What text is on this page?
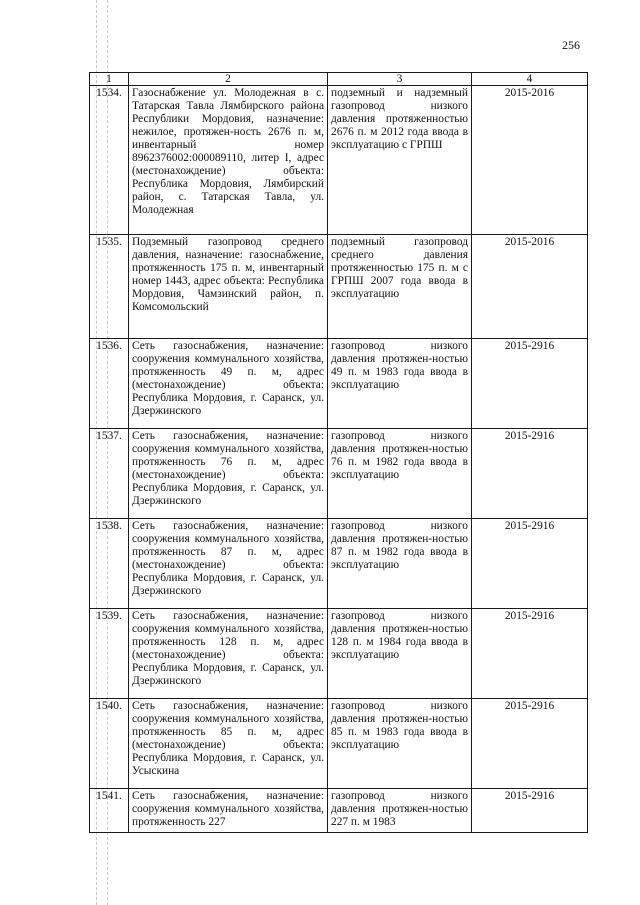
256
1	2	3	4
1534.	Газоснабжение ул. Молодежная в с. Татарская Тавла Лямбирского района Республики Мордовия, назначение: нежилое, протяжен-ность 2676 п. м, инвентарный номер 8962376002:000089110, литер I, адрес (местонахождение) объекта: Республика Мордовия, Лямбирский район, с. Татарская Тавла, ул. Молодежная	подземный и надземный газопровод низкого давления протяженностью 2676 п. м 2012 года ввода в эксплуатацию с ГРПШ	2015-2016
1535.	Подземный газопровод среднего давления, назначение: газоснабжение, протяженность 175 п. м, инвентарный номер 1443, адрес объекта: Республика Мордовия, Чамзинский район, п. Комсомольский	подземный газопровод среднего давления протяженностью 175 п. м с ГРПШ 2007 года ввода в эксплуатацию	2015-2016
1536.	Сеть газоснабжения, назначение: сооружения коммунального хозяйства, протяженность 49 п. м, адрес (местонахождение) объекта: Республика Мордовия, г. Саранск, ул. Дзержинского	газопровод низкого давления протяжен-ностью 49 п. м 1983 года ввода в эксплуатацию	2015-2916
1537.	Сеть газоснабжения, назначение: сооружения коммунального хозяйства, протяженность 76 п. м, адрес (местонахождение) объекта: Республика Мордовия, г. Саранск, ул. Дзержинского	газопровод низкого давления протяжен-ностью 76 п. м 1982 года ввода в эксплуатацию	2015-2916
1538.	Сеть газоснабжения, назначение: сооружения коммунального хозяйства, протяженность 87 п. м, адрес (местонахождение) объекта: Республика Мордовия, г. Саранск, ул. Дзержинского	газопровод низкого давления протяжен-ностью 87 п. м 1982 года ввода в эксплуатацию	2015-2916
1539.	Сеть газоснабжения, назначение: сооружения коммунального хозяйства, протяженность 128 п. м, адрес (местонахождение) объекта: Республика Мордовия, г. Саранск, ул. Дзержинского	газопровод низкого давления протяжен-ностью 128 п. м 1984 года ввода в эксплуатацию	2015-2916
1540.	Сеть газоснабжения, назначение: сооружения коммунального хозяйства, протяженность 85 п. м, адрес (местонахождение) объекта: Республика Мордовия, г. Саранск, ул. Усыскина	газопровод низкого давления протяжен-ностью 85 п. м 1983 года ввода в эксплуатацию	2015-2916
1541.	Сеть газоснабжения, назначение: сооружения коммунального хозяйства, протяженность 227	газопровод низкого давления протяжен-ностью 227 п. м 1983	2015-2916
